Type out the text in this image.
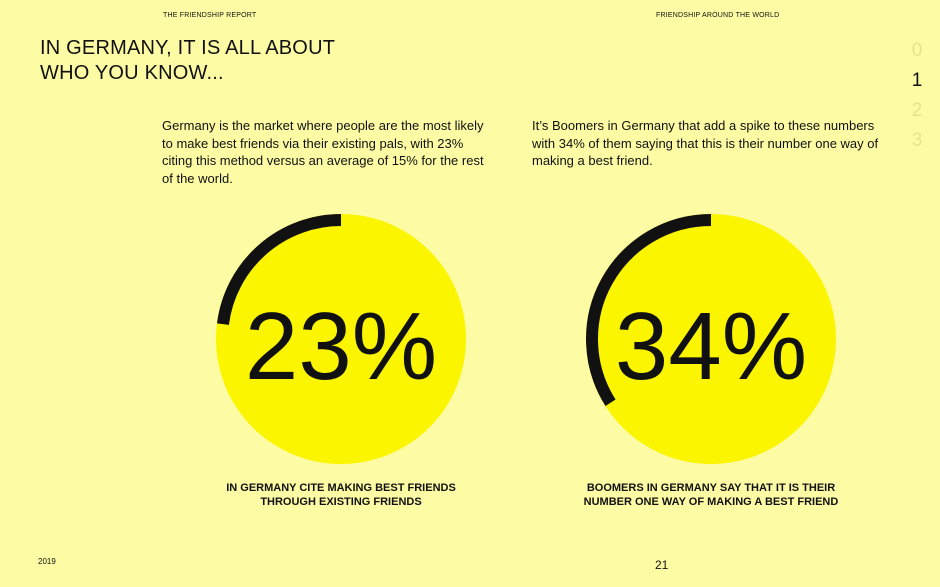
THE FRIENDSHIP REPORT	FRIENDSHIP AROUND THE WORLD
IN GERMANY, IT IS ALL ABOUT
WHO YOU KNOW...
0
1
2
3

Germany is the market where people are the most likely to make best friends via their existing pals, with 23% citing this method versus an average of 15% for the rest of the world.

It’s Boomers in Germany that add a spike to these numbers with 34% of them saying that this is their number one way of making a best friend.

23% 34%

IN GERMANY CITE MAKING BEST FRIENDS
THROUGH EXISTING FRIENDS

BOOMERS IN GERMANY SAY THAT IT IS THEIR
NUMBER ONE WAY OF MAKING A BEST FRIEND

2019	21
